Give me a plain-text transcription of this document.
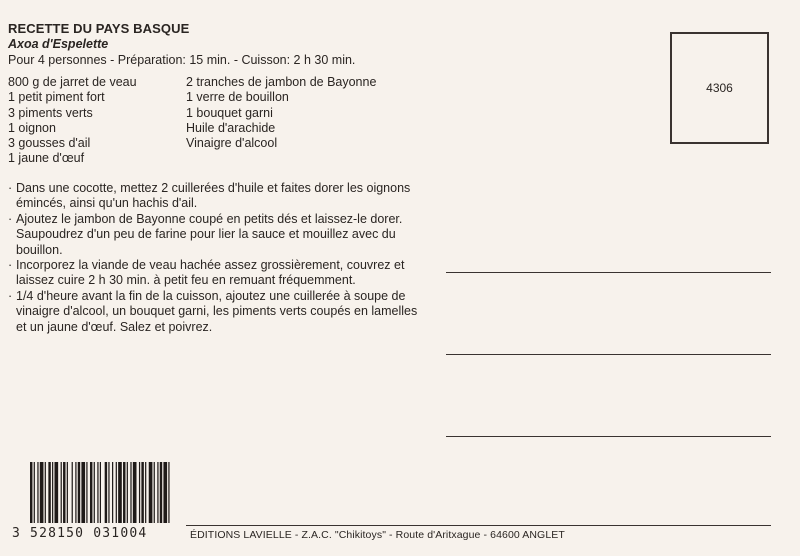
RECETTE DU PAYS BASQUE
Axoa d'Espelette
Pour 4 personnes - Préparation: 15 min. - Cuisson: 2 h 30 min.
800 g de jarret de veau
1 petit piment fort
3 piments verts
1 oignon
3 gousses d'ail
1 jaune d'œuf
2 tranches de jambon de Bayonne
1 verre de bouillon
1 bouquet garni
Huile d'arachide
Vinaigre d'alcool
· Dans une cocotte, mettez 2 cuillerées d'huile et faites dorer les oignons émincés, ainsi qu'un hachis d'ail.
· Ajoutez le jambon de Bayonne coupé en petits dés et laissez-le dorer. Saupoudrez d'un peu de farine pour lier la sauce et mouillez avec du bouillon.
· Incorporez la viande de veau hachée assez grossièrement, couvrez et laissez cuire 2 h 30 min. à petit feu en remuant fréquemment.
· 1/4 d'heure avant la fin de la cuisson, ajoutez une cuillerée à soupe de vinaigre d'alcool, un bouquet garni, les piments verts coupés en lamelles et un jaune d'œuf. Salez et poivrez.
4306
3 528150 031004	ÉDITIONS LAVIELLE - Z.A.C. "Chikitoys" - Route d'Aritxague - 64600 ANGLET
